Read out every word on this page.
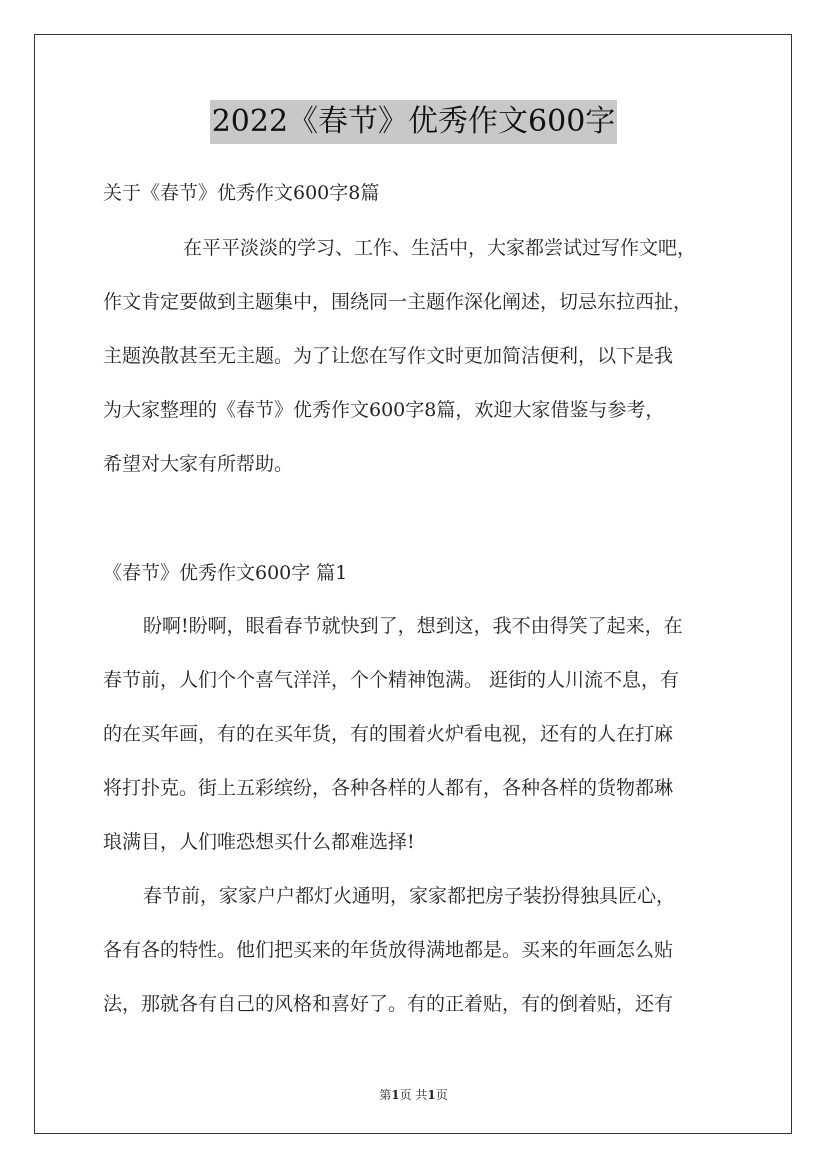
2022《春节》优秀作文600字
关于《春节》优秀作文600字8篇
在平平淡淡的学习、工作、生活中，大家都尝试过写作文吧，
作文肯定要做到主题集中，围绕同一主题作深化阐述，切忌东拉西扯，
主题涣散甚至无主题。为了让您在写作文时更加简洁便利，以下是我
为大家整理的《春节》优秀作文600字8篇，欢迎大家借鉴与参考，
希望对大家有所帮助。
《春节》优秀作文600字 篇1
盼啊!盼啊，眼看春节就快到了，想到这，我不由得笑了起来，在
春节前，人们个个喜气洋洋，个个精神饱满。 逛街的人川流不息，有
的在买年画，有的在买年货，有的围着火炉看电视，还有的人在打麻
将打扑克。街上五彩缤纷，各种各样的人都有，各种各样的货物都琳
琅满目，人们唯恐想买什么都难选择!
春节前，家家户户都灯火通明，家家都把房子装扮得独具匠心，
各有各的特性。他们把买来的年货放得满地都是。买来的年画怎么贴
法，那就各有自己的风格和喜好了。有的正着贴，有的倒着贴，还有
第1页 共1页
